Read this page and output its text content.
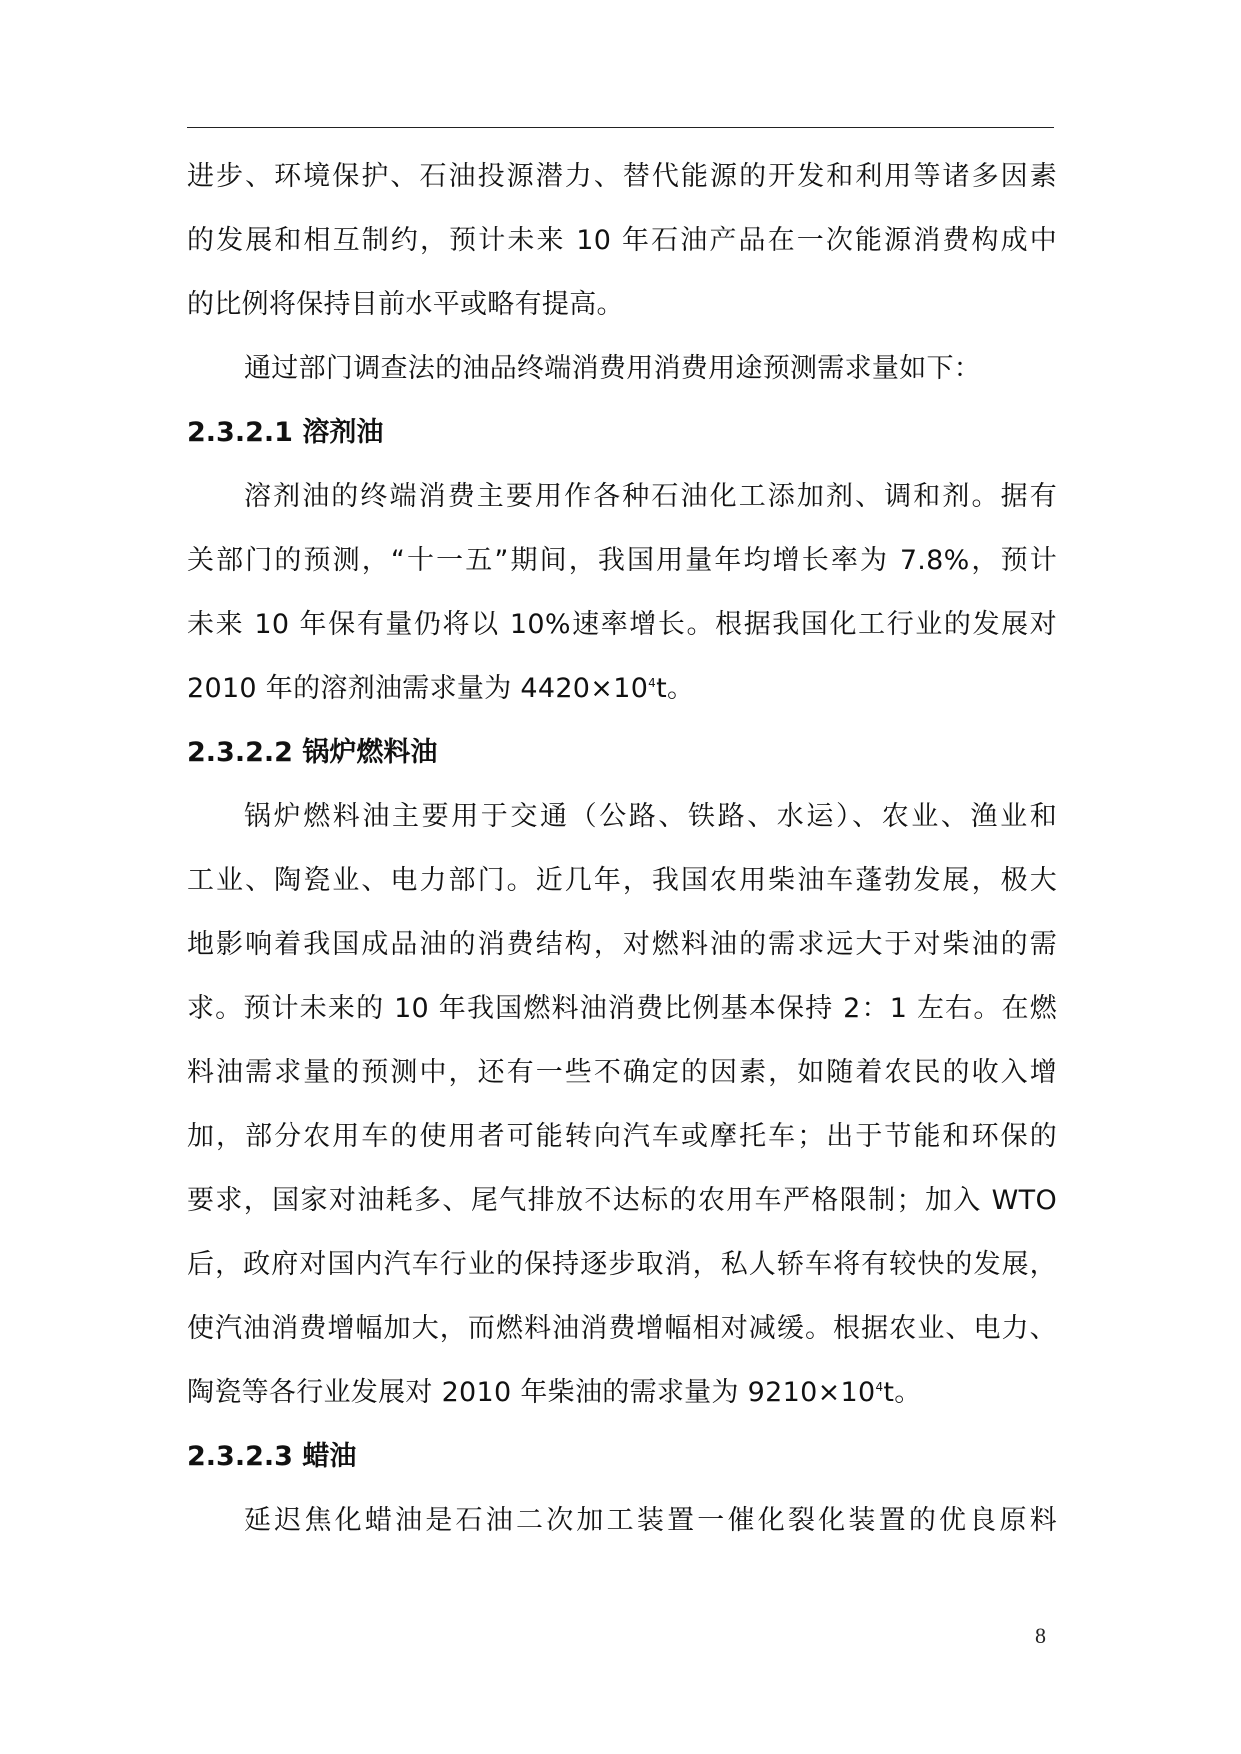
进步、环境保护、石油投源潜力、替代能源的开发和利用等诸多因素
的发展和相互制约，预计未来 10 年石油产品在一次能源消费构成中
的比例将保持目前水平或略有提高。
通过部门调查法的油品终端消费用消费用途预测需求量如下：
2.3.2.1 溶剂油
溶剂油的终端消费主要用作各种石油化工添加剂、调和剂。据有
关部门的预测，“十一五”期间，我国用量年均增长率为 7.8%，预计
未来 10 年保有量仍将以 10%速率增长。根据我国化工行业的发展对
2010 年的溶剂油需求量为 $4420\times 10^4t$。
2.3.2.2 锅炉燃料油
锅炉燃料油主要用于交通（公路、铁路、水运）、农业、渔业和
工业、陶瓷业、电力部门。近几年，我国农用柴油车蓬勃发展，极大
地影响着我国成品油的消费结构，对燃料油的需求远大于对柴油的需
求。预计未来的 10 年我国燃料油消费比例基本保持 2：1 左右。在燃
料油需求量的预测中，还有一些不确定的因素，如随着农民的收入增
加，部分农用车的使用者可能转向汽车或摩托车；出于节能和环保的
要求，国家对油耗多、尾气排放不达标的农用车严格限制；加入 WTO
后，政府对国内汽车行业的保持逐步取消，私人轿车将有较快的发展，
使汽油消费增幅加大，而燃料油消费增幅相对减缓。根据农业、电力、
陶瓷等各行业发展对 2010 年柴油的需求量为 $9210\times 10^4t$。
2.3.2.3 蜡油
延迟焦化蜡油是石油二次加工装置一催化裂化装置的优良原料
8
